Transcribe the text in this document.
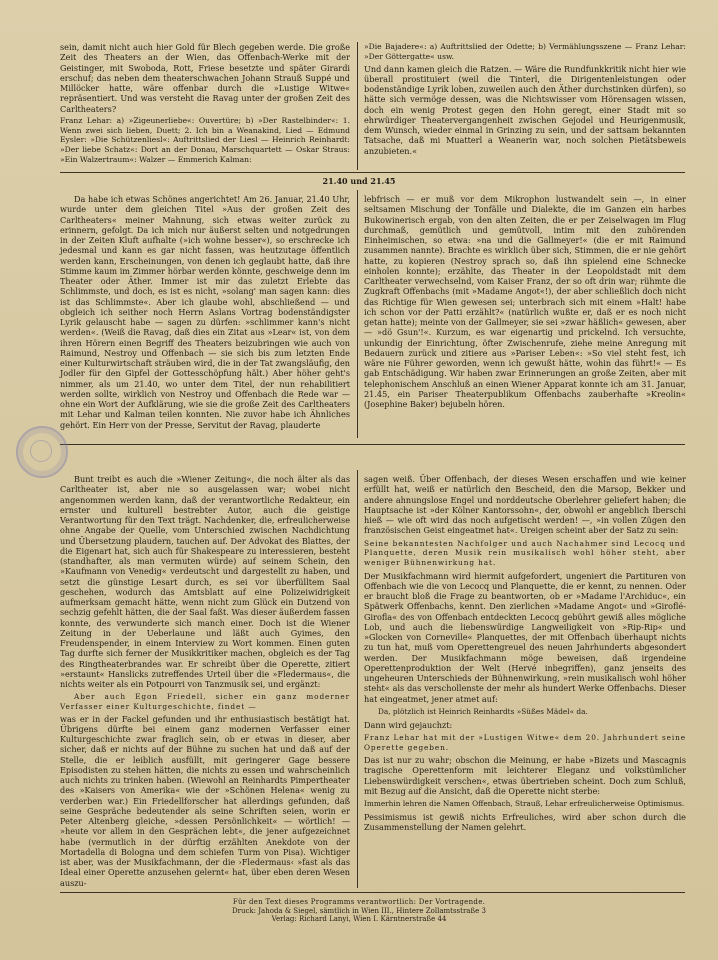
sein, damit nicht auch hier Gold für Blech gegeben werde. Die große Zeit des Theaters an der Wien, das Offenbach-Werke mit der Geistinger, mit Swoboda, Rott, Friese besetzte und später Girardi erschuf; das neben dem theaterschwachen Johann Strauß Suppé und Millöcker hatte, wäre offenbar durch die »Lustige Witwe« repräsentiert. Und was versteht die Ravag unter der großen Zeit des Carltheaters?

Franz Lehar: a) »Zigeunerliebe«: Ouvertüre; b) »Der Rastelbinder«: 1. Wenn zwei sich lieben, Duett; 2. Ich bin a Weanakind, Lied — Edmund Eysler: »Die Schützenliesl«: Auftrittslied der Liesl — Heinrich Reinhardt: »Der liebe Schatz«: Dort an der Donau, Marschquartett — Oskar Straus: »Ein Walzertraum«: Walzer — Emmerich Kalman:

»Die Bajadere«: a) Auftrittslied der Odette; b) Vermählungsszene — Franz Lehar: »Der Göttergatte« usw.

Und dann kamen gleich die Ratzen. — Wäre die Rundfunkkritik nicht hier wie überall prostituiert (weil die Tinterl, die Dirigentenleistungen oder bodenständige Lyrik loben, zuweilen auch den Äther durchstinken dürfen), so hätte sich vermöge dessen, was die Nichtswisser vom Hörensagen wissen, doch ein wenig Protest gegen den Hohn geregt, einer Stadt mit so ehrwürdiger Theatervergangenheit zwischen Gejodel und Heurigenmusik, dem Wunsch, wieder einmal in Grinzing zu sein, und der sattsam bekannten Tatsache, daß mi Muatterl a Weanerin war, noch solchen Pietätsbeweis anzubieten.«

21.40 und 21.45

Da habe ich etwas Schönes angerichtet! Am 26. Januar, 21.40 Uhr, wurde unter dem gleichen Titel »Aus der großen Zeit des Carltheaters« meiner Mahnung, sich etwas weiter zurück zu erinnern, gefolgt. Da ich mich nur äußerst selten und notgedrungen in der Zeiten Kluft aufhalte (»ich wohne besser«), so erschrecke ich jedesmal und kann es gar nicht fassen, was heutzutage öffentlich werden kann, Erscheinungen, von denen ich geglaubt hatte, daß ihre Stimme kaum im Zimmer hörbar werden könnte, geschweige denn im Theater oder Äther. Immer ist mir das zuletzt Erlebte das Schlimmste, und doch, es ist es nicht, »solang' man sagen kann: dies ist das Schlimmste«. Aber ich glaube wohl, abschließend — und obgleich ich seither noch Herrn Aslans Vortrag bodenständigster Lyrik gelauscht habe — sagen zu dürfen: »schlimmer kann's nicht werden«. (Weiß die Ravag, daß dies ein Zitat aus »Lear« ist, von dem ihren Hörern einen Begriff des Theaters beizubringen wie auch von Raimund, Nestroy und Offenbach — sie sich bis zum letzten Ende einer Kulturwirtschaft sträuben wird, die in der Tat zwangsläufig, den Jodler für den Gipfel der Gottesschöpfung hält.) Aber höher geht's nimmer, als um 21.40, wo unter dem Titel, der nun rehabilitiert werden sollte, wirklich von Nestroy und Offenbach die Rede war — ohne ein Wort der Aufklärung, wie sie die große Zeit des Carltheaters mit Lehar und Kalman teilen konnten. Nie zuvor habe ich Ähnliches gehört. Ein Herr von der Presse, Servitut der Ravag, plauderte

lebfrisch — er muß vor dem Mikrophon lustwandelt sein —, in einer seltsamen Mischung der Tonfälle und Dialekte, die im Ganzen ein harbes Bukowinerisch ergab, von den alten Zeiten, die er per Zeiselwagen im Flug durchmaß, gemütlich und gemütvoll, intim mit den zuhörenden Einheimischen, so etwa: »na und die Gallmeyer!« (die er mit Raimund zusammen nannte). Brachte es wirklich über sich, Stimmen, die er nie gehört hatte, zu kopieren (Nestroy sprach so, daß ihn spielend eine Schnecke einholen konnte); erzählte, das Theater in der Leopoldstadt mit dem Carltheater verwechselnd, vom Kaiser Franz, der so oft drin war; rühmte die Zugkraft Offenbachs (mit »Madame Angot«!), der aber schließlich doch nicht das Richtige für Wien gewesen sei; unterbrach sich mit einem »Halt! habe ich schon vor der Patti erzählt?« (natürlich wußte er, daß er es noch nicht getan hatte); meinte von der Gallmeyer, sie sei »zwar häßlich« gewesen, aber — »dö Gsun'!«. Kurzum, es war eigenartig und prickelnd. Ich versuchte, unkundig der Einrichtung, öfter Zwischenrufe, ziehe meine Anregung mit Bedauern zurück und zitiere aus »Pariser Leben«: »So viel steht fest, ich wäre nie Führer geworden, wenn ich gewußt hätte, wohin das führt!« — Es gab Entschädigung. Wir haben zwar Erinnerungen an große Zeiten, aber mit telephonischem Anschluß an einen Wiener Apparat konnte ich am 31. Januar, 21.45, ein Pariser Theaterpublikum Offenbachs zauberhafte »Kreolin« (Josephine Baker) bejubeln hören.

Bunt treibt es auch die »Wiener Zeitung«, die noch älter als das Carltheater ist, aber nie so ausgelassen war; wobei nicht angenommen werden kann, daß der verantwortliche Redakteur, ein ernster und kulturell bestrebter Autor, auch die geistige Verantwortung für den Text trägt. Nachdenker, die, erfreulicherweise ohne Angabe der Quelle, vom Unterschied zwischen Nachdichtung und Übersetzung plaudern, tauchen auf. Der Advokat des Blattes, der die Eigenart hat, sich auch für Shakespeare zu interessieren, besteht (standhafter, als man vermuten würde) auf seinem Schein, den »Kaufmann von Venedig« verdeutscht und dargestellt zu haben, und setzt die günstige Lesart durch, es sei vor überfülltem Saal geschehen, wodurch das Amtsblatt auf eine Polizeiwidrigkeit aufmerksam gemacht hätte, wenn nicht zum Glück ein Dutzend von sechzig gefehlt hätten, die der Saal faßt. Was dieser äußerdem fassen konnte, des verwunderte sich manch einer. Doch ist die Wiener Zeitung in der Ueberlaune und läßt auch Gyimes, den Freudenspender, in einem Interview zu Wort kommen. Einen guten Tag durfte sich ferner der Musikkritiker machen, obgleich es der Tag des Ringtheaterbrandes war. Er schreibt über die Operette, zitiert »erstaunt« Hanslicks zutreffendes Urteil über die »Fledermaus«, die nichts weiter als ein Potpourri von Tanzmusik sei, und ergänzt:

Aber auch Egon Friedell, sicher ein ganz moderner Verfasser einer Kulturgeschichte, findet —

was er in der Fackel gefunden und ihr enthusiastisch bestätigt hat. Übrigens dürfte bei einem ganz modernen Verfasser einer Kulturgeschichte zwar fraglich sein, ob er etwas in dieser, aber sicher, daß er nichts auf der Bühne zu suchen hat und daß auf der Stelle, die er leiblich ausfüllt, mit geringerer Gage bessere Episodisten zu stehen hätten, die nichts zu essen und wahrscheinlich auch nichts zu trinken haben. (Wiewohl an Reinhardts Pimpertheater des »Kaisers von Amerika« wie der »Schönen Helena« wenig zu verderben war.) Ein Friedellforscher hat allerdings gefunden, daß seine Gespräche bedeutender als seine Schriften seien, worin er Peter Altenberg gleiche, »dessen Persönlichkeit« — wörtlich! — »heute vor allem in den Gesprächen lebt«, die jener aufgezeichnet habe (vermutlich in der dürftig erzählten Anekdote von der Mortadella di Bologna und dem schiefen Turm von Pisa). Wichtiger ist aber, was der Musikfachmann, der die ›Fledermaus‹ »fast als das Ideal einer Operette anzusehen gelernt« hat, über eben deren Wesen auszu-

sagen weiß. Über Offenbach, der dieses Wesen erschaffen und wie keiner erfüllt hat, weiß er natürlich den Bescheid, den die Marsop, Bekker und andere ahnungslose Engel und norddeutsche Oberlehrer geliefert haben; die Hauptsache ist »der Kölner Kantorssohn«, der, obwohl er angeblich Iberschi hieß — wie oft wird das noch aufgetischt werden! —, »in vollen Zügen den französischen Geist eingeatmet hat«. Ureigen scheint aber der Satz zu sein:

Seine bekanntesten Nachfolger und auch Nachahmer sind Lecocq und Planquette, deren Musik rein musikalisch wohl höher steht, aber weniger Bühnenwirkung hat.

Der Musikfachmann wird hiermit aufgefordert, ungeniert die Partituren von Offenbach wie die von Lecocq und Planquette, die er kennt, zu nennen. Oder er braucht bloß die Frage zu beantworten, ob er »Madame l'Archiduc«, ein Spätwerk Offenbachs, kennt. Den zierlichen »Madame Angot« und »Giroflé-Girofla« des von Offenbach entdeckten Lecocq gebührt gewiß alles mögliche Lob, und auch die liebenswürdige Langweiligkeit von »Rip-Rip« und »Glocken von Corneville« Planquettes, der mit Offenbach überhaupt nichts zu tun hat, muß vom Operettengreuel des neuen Jahrhunderts abgesondert werden. Der Musikfachmann möge beweisen, daß irgendeine Operettenproduktion der Welt (Hervé inbegriffen), ganz jenseits des ungeheuren Unterschieds der Bühnenwirkung, »rein musikalisch wohl höher steht« als das verschollenste der mehr als hundert Werke Offenbachs. Dieser hat eingeatmet, jener atmet auf:

Da, plötzlich ist Heinrich Reinhardts »Süßes Mädel« da.

Dann wird gejauchzt:

Franz Lehar hat mit der »Lustigen Witwe« dem 20. Jahrhundert seine Operette gegeben.

Das ist nur zu wahr; obschon die Meinung, er habe »Bizets und Mascagnis tragische Operettenform mit leichterer Eleganz und volkstümlicher Liebenswürdigkeit verschen«, etwas übertrieben scheint. Doch zum Schluß, mit Bezug auf die Ansicht, daß die Operette nicht sterbe:

Immerhin lehren die Namen Offenbach, Strauß, Lehar erfreulicherweise Optimismus.

Pessimismus ist gewiß nichts Erfreuliches, wird aber schon durch die Zusammenstellung der Namen gelehrt.

Für den Text dieses Programms verantwortlich: Der Vortragende.
Druck: Jahoda & Siegel, sämtlich in Wien III., Hintere Zollamtsstraße 3
Verlag: Richard Lanyi, Wien I. Kärntnerstraße 44
